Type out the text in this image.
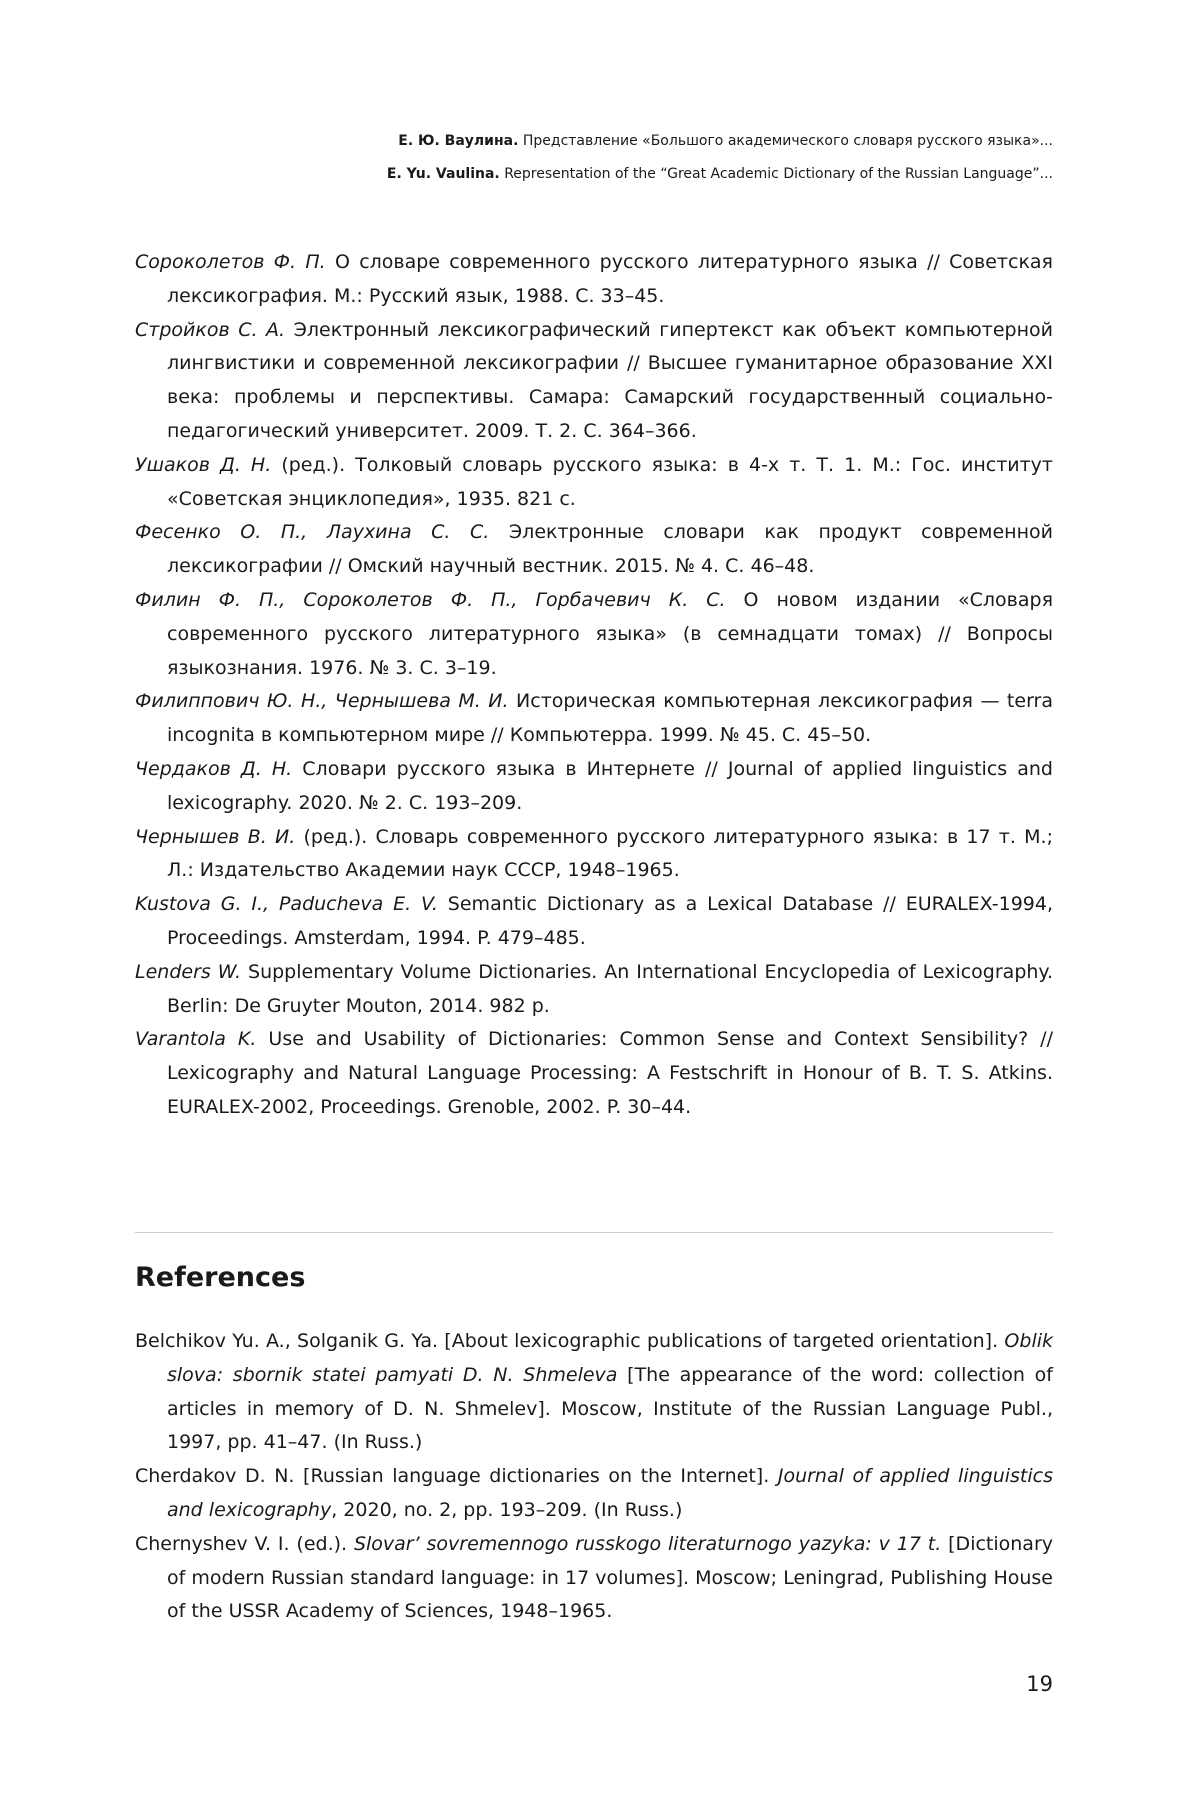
Е. Ю. Ваулина. Представление «Большого академического словаря русского языка»...
E. Yu. Vaulina. Representation of the “Great Academic Dictionary of the Russian Language”...

Сороколетов Ф. П. О словаре современного русского литературного языка // Советская лексикография. М.: Русский язык, 1988. С. 33–45.

Стройков С. А. Электронный лексикографический гипертекст как объект компьютерной лингвистики и современной лексикографии // Высшее гуманитарное образование XXI века: проблемы и перспективы. Самара: Самарский государственный социально-педагогический университет. 2009. Т. 2. С. 364–366.

Ушаков Д. Н. (ред.). Толковый словарь русского языка: в 4-х т. Т. 1. М.: Гос. институт «Советская энциклопедия», 1935. 821 с.

Фесенко О. П., Лаухина С. С. Электронные словари как продукт современной лексикографии // Омский научный вестник. 2015. № 4. С. 46–48.

Филин Ф. П., Сороколетов Ф. П., Горбачевич К. С. О новом издании «Словаря современного русского литературного языка» (в семнадцати томах) // Вопросы языкознания. 1976. № 3. С. 3–19.

Филиппович Ю. Н., Чернышева М. И. Историческая компьютерная лексикография — terra incognita в компьютерном мире // Компьютерра. 1999. № 45. С. 45–50.

Чердаков Д. Н. Словари русского языка в Интернете // Journal of applied linguistics and lexicography. 2020. № 2. С. 193–209.

Чернышев В. И. (ред.). Словарь современного русского литературного языка: в 17 т. М.; Л.: Издательство Академии наук СССР, 1948–1965.

Kustova G. I., Paducheva E. V. Semantic Dictionary as a Lexical Database // EURALEX-1994, Proceedings. Amsterdam, 1994. P. 479–485.

Lenders W. Supplementary Volume Dictionaries. An International Encyclopedia of Lexicography. Berlin: De Gruyter Mouton, 2014. 982 p.

Varantola K. Use and Usability of Dictionaries: Common Sense and Context Sensibility? // Lexicography and Natural Language Processing: A Festschrift in Honour of B. T. S. Atkins. EURALEX-2002, Proceedings. Grenoble, 2002. P. 30–44.

References

Belchikov Yu. A., Solganik G. Ya. [About lexicographic publications of targeted orientation]. Oblik slova: sbornik statei pamyati D. N. Shmeleva [The appearance of the word: collection of articles in memory of D. N. Shmelev]. Moscow, Institute of the Russian Language Publ., 1997, pp. 41–47. (In Russ.)

Cherdakov D. N. [Russian language dictionaries on the Internet]. Journal of applied linguistics and lexicography, 2020, no. 2, pp. 193–209. (In Russ.)

Chernyshev V. I. (ed.). Slovar’ sovremennogo russkogo literaturnogo yazyka: v 17 t. [Dictionary of modern Russian standard language: in 17 volumes]. Moscow; Leningrad, Publishing House of the USSR Academy of Sciences, 1948–1965.

19
